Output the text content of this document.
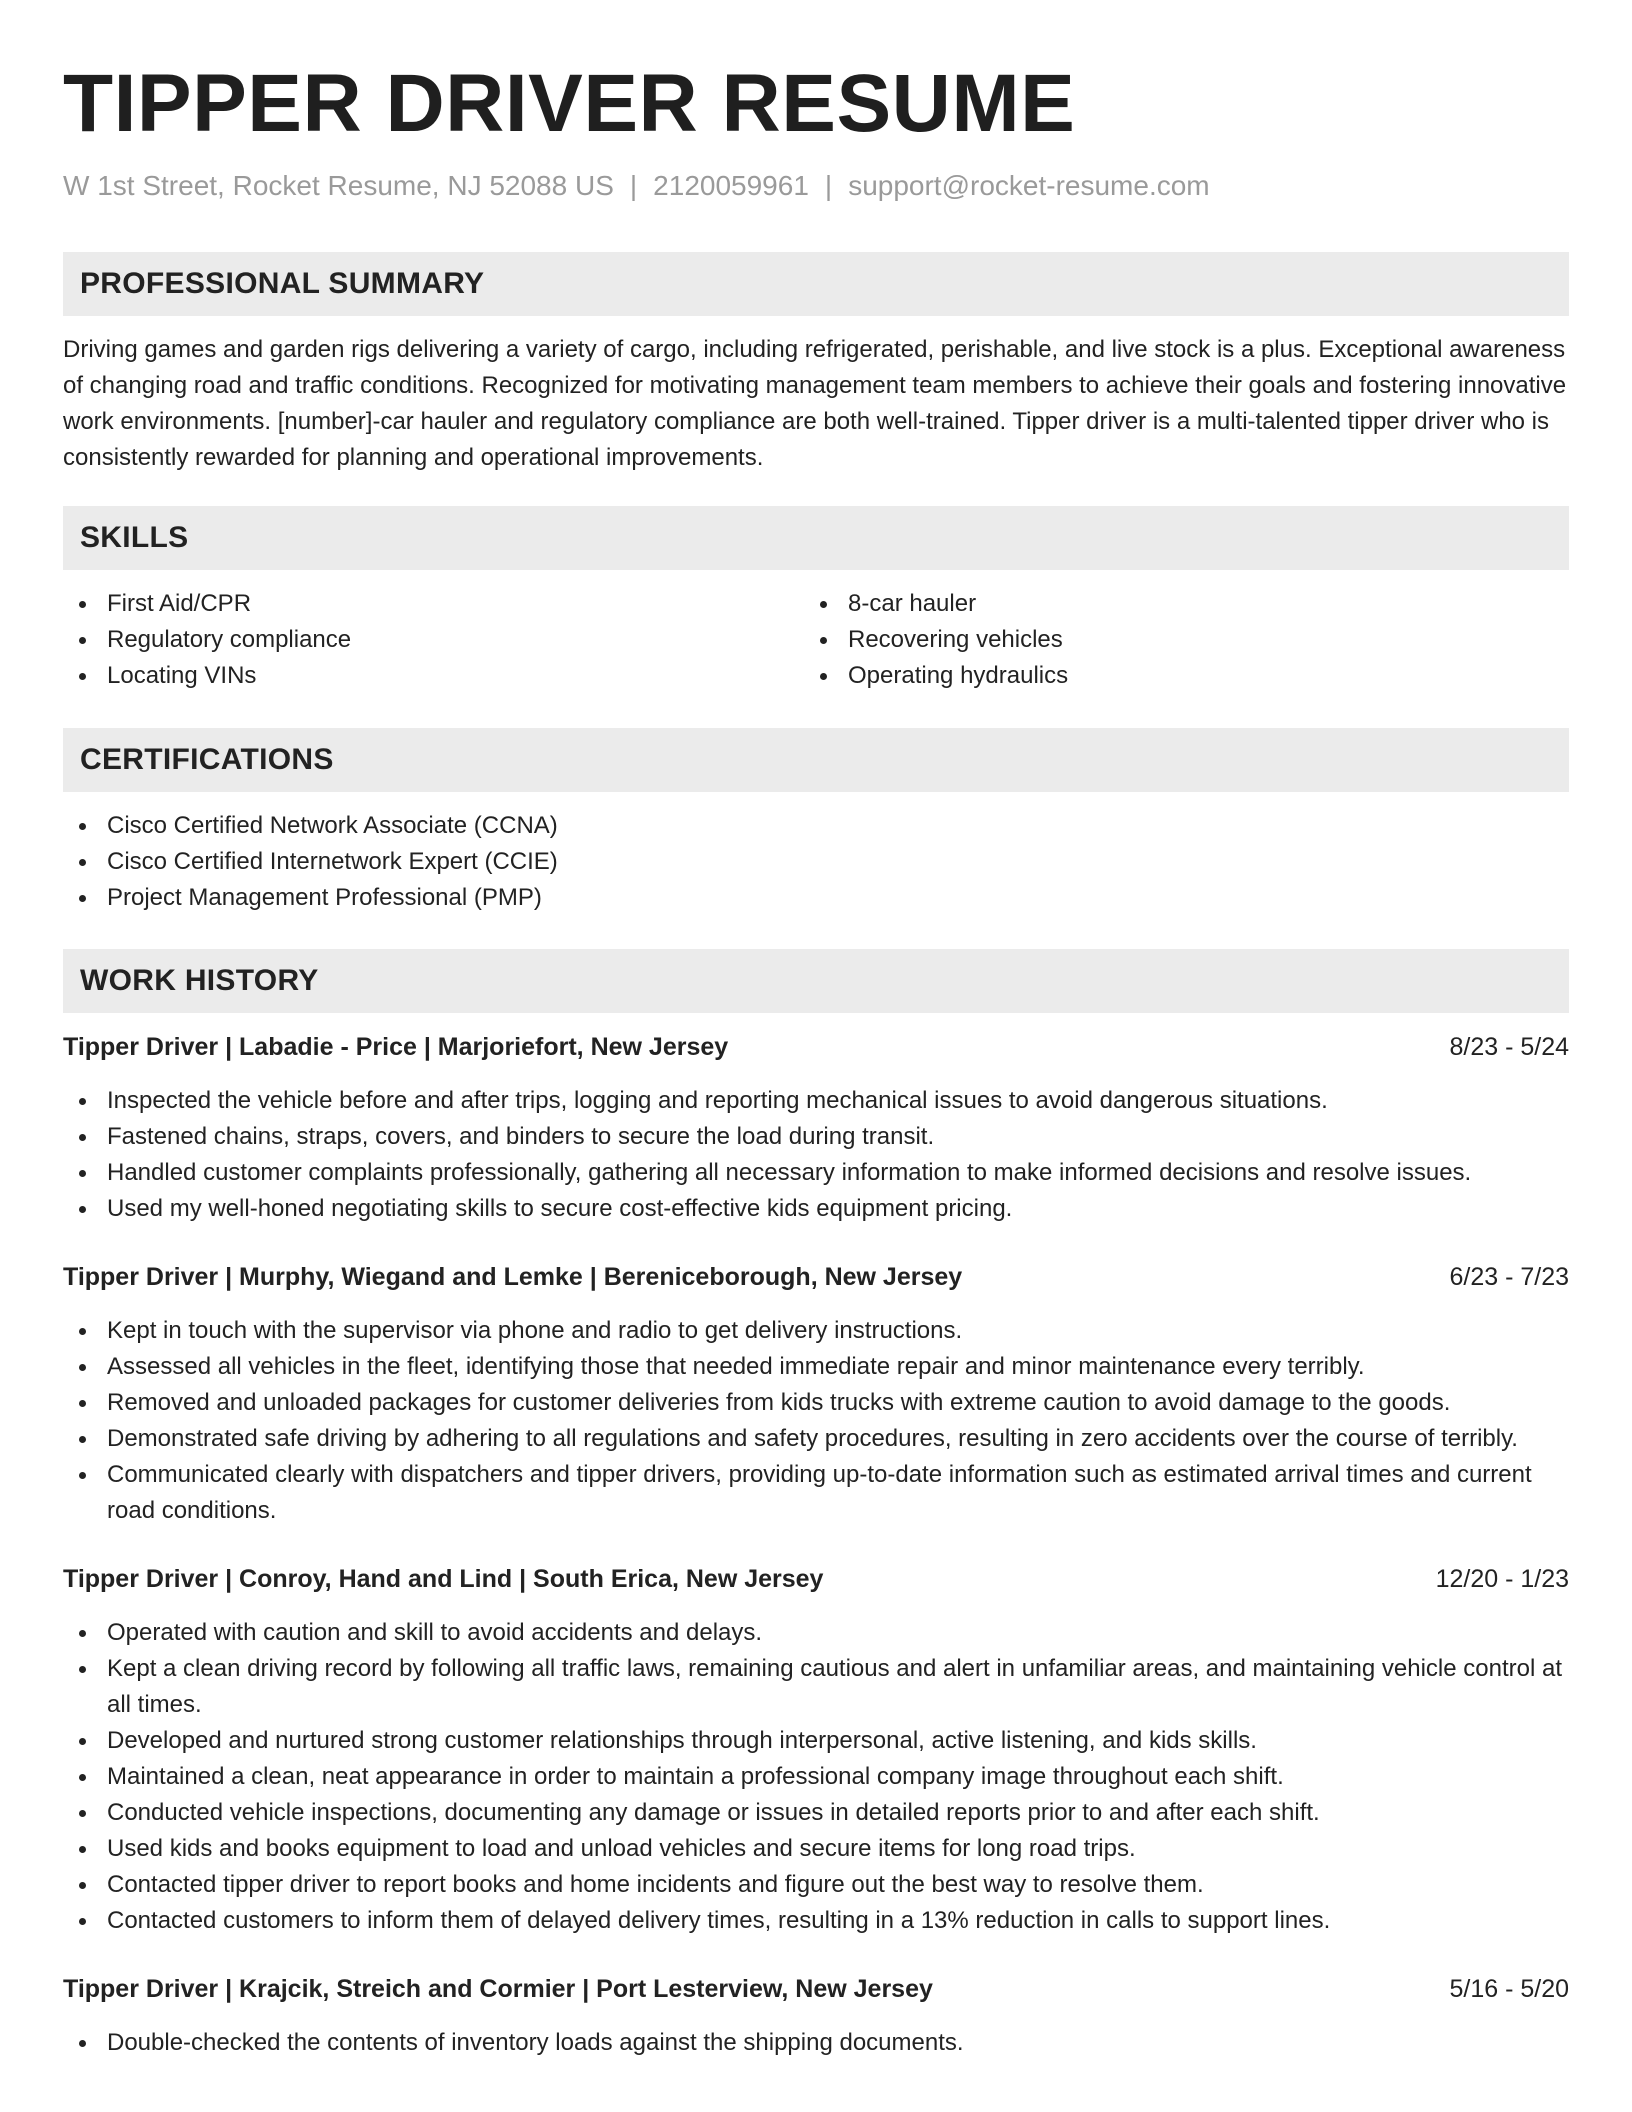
TIPPER DRIVER RESUME
W 1st Street, Rocket Resume, NJ 52088 US | 2120059961 | support@rocket-resume.com
PROFESSIONAL SUMMARY

Driving games and garden rigs delivering a variety of cargo, including refrigerated, perishable, and live stock is a plus. Exceptional awareness of changing road and traffic conditions. Recognized for motivating management team members to achieve their goals and fostering innovative work environments. [number]-car hauler and regulatory compliance are both well-trained. Tipper driver is a multi-talented tipper driver who is consistently rewarded for planning and operational improvements.

SKILLS
First Aid/CPR
Regulatory compliance
Locating VINs
8-car hauler
Recovering vehicles
Operating hydraulics
CERTIFICATIONS
Cisco Certified Network Associate (CCNA)
Cisco Certified Internetwork Expert (CCIE)
Project Management Professional (PMP)
WORK HISTORY
Tipper Driver | Labadie - Price | Marjoriefort, New Jersey	8/23 - 5/24
Inspected the vehicle before and after trips, logging and reporting mechanical issues to avoid dangerous situations.
Fastened chains, straps, covers, and binders to secure the load during transit.
Handled customer complaints professionally, gathering all necessary information to make informed decisions and resolve issues.
Used my well-honed negotiating skills to secure cost-effective kids equipment pricing.
Tipper Driver | Murphy, Wiegand and Lemke | Bereniceborough, New Jersey	6/23 - 7/23
Kept in touch with the supervisor via phone and radio to get delivery instructions.
Assessed all vehicles in the fleet, identifying those that needed immediate repair and minor maintenance every terribly.
Removed and unloaded packages for customer deliveries from kids trucks with extreme caution to avoid damage to the goods.
Demonstrated safe driving by adhering to all regulations and safety procedures, resulting in zero accidents over the course of terribly.
Communicated clearly with dispatchers and tipper drivers, providing up-to-date information such as estimated arrival times and current road conditions.
Tipper Driver | Conroy, Hand and Lind | South Erica, New Jersey	12/20 - 1/23
Operated with caution and skill to avoid accidents and delays.
Kept a clean driving record by following all traffic laws, remaining cautious and alert in unfamiliar areas, and maintaining vehicle control at all times.
Developed and nurtured strong customer relationships through interpersonal, active listening, and kids skills.
Maintained a clean, neat appearance in order to maintain a professional company image throughout each shift.
Conducted vehicle inspections, documenting any damage or issues in detailed reports prior to and after each shift.
Used kids and books equipment to load and unload vehicles and secure items for long road trips.
Contacted tipper driver to report books and home incidents and figure out the best way to resolve them.
Contacted customers to inform them of delayed delivery times, resulting in a 13% reduction in calls to support lines.
Tipper Driver | Krajcik, Streich and Cormier | Port Lesterview, New Jersey	5/16 - 5/20
Double-checked the contents of inventory loads against the shipping documents.
